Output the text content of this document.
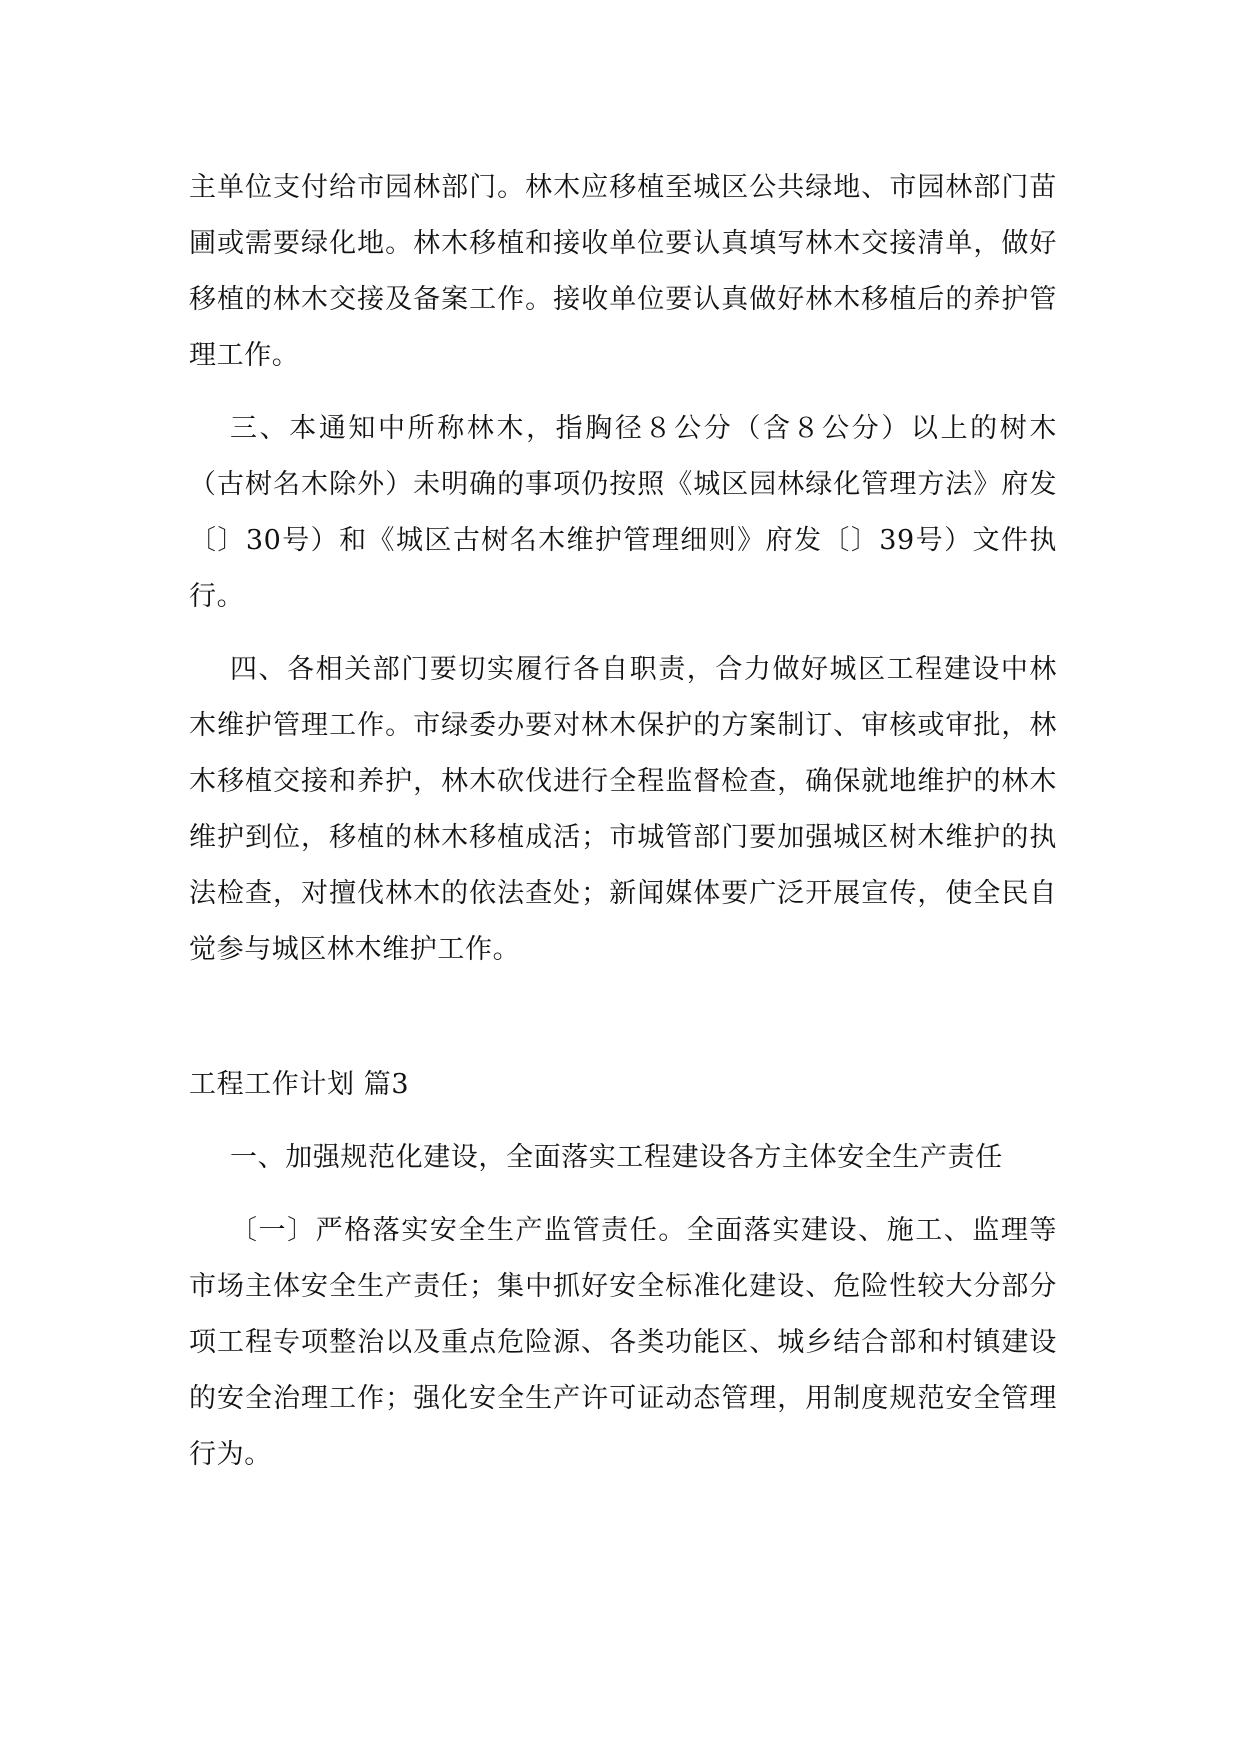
主单位支付给市园林部门。林木应移植至城区公共绿地、市园林部门苗圃或需要绿化地。林木移植和接收单位要认真填写林木交接清单，做好移植的林木交接及备案工作。接收单位要认真做好林木移植后的养护管理工作。

三、本通知中所称林木，指胸径８公分（含８公分）以上的树木（古树名木除外）未明确的事项仍按照《城区园林绿化管理方法》府发〔〕30号）和《城区古树名木维护管理细则》府发〔〕39号）文件执行。

四、各相关部门要切实履行各自职责，合力做好城区工程建设中林木维护管理工作。市绿委办要对林木保护的方案制订、审核或审批，林木移植交接和养护，林木砍伐进行全程监督检查，确保就地维护的林木维护到位，移植的林木移植成活；市城管部门要加强城区树木维护的执法检查，对擅伐林木的依法查处；新闻媒体要广泛开展宣传，使全民自觉参与城区林木维护工作。

工程工作计划 篇3

一、加强规范化建设，全面落实工程建设各方主体安全生产责任

〔一〕严格落实安全生产监管责任。全面落实建设、施工、监理等市场主体安全生产责任；集中抓好安全标准化建设、危险性较大分部分项工程专项整治以及重点危险源、各类功能区、城乡结合部和村镇建设的安全治理工作；强化安全生产许可证动态管理，用制度规范安全管理行为。
